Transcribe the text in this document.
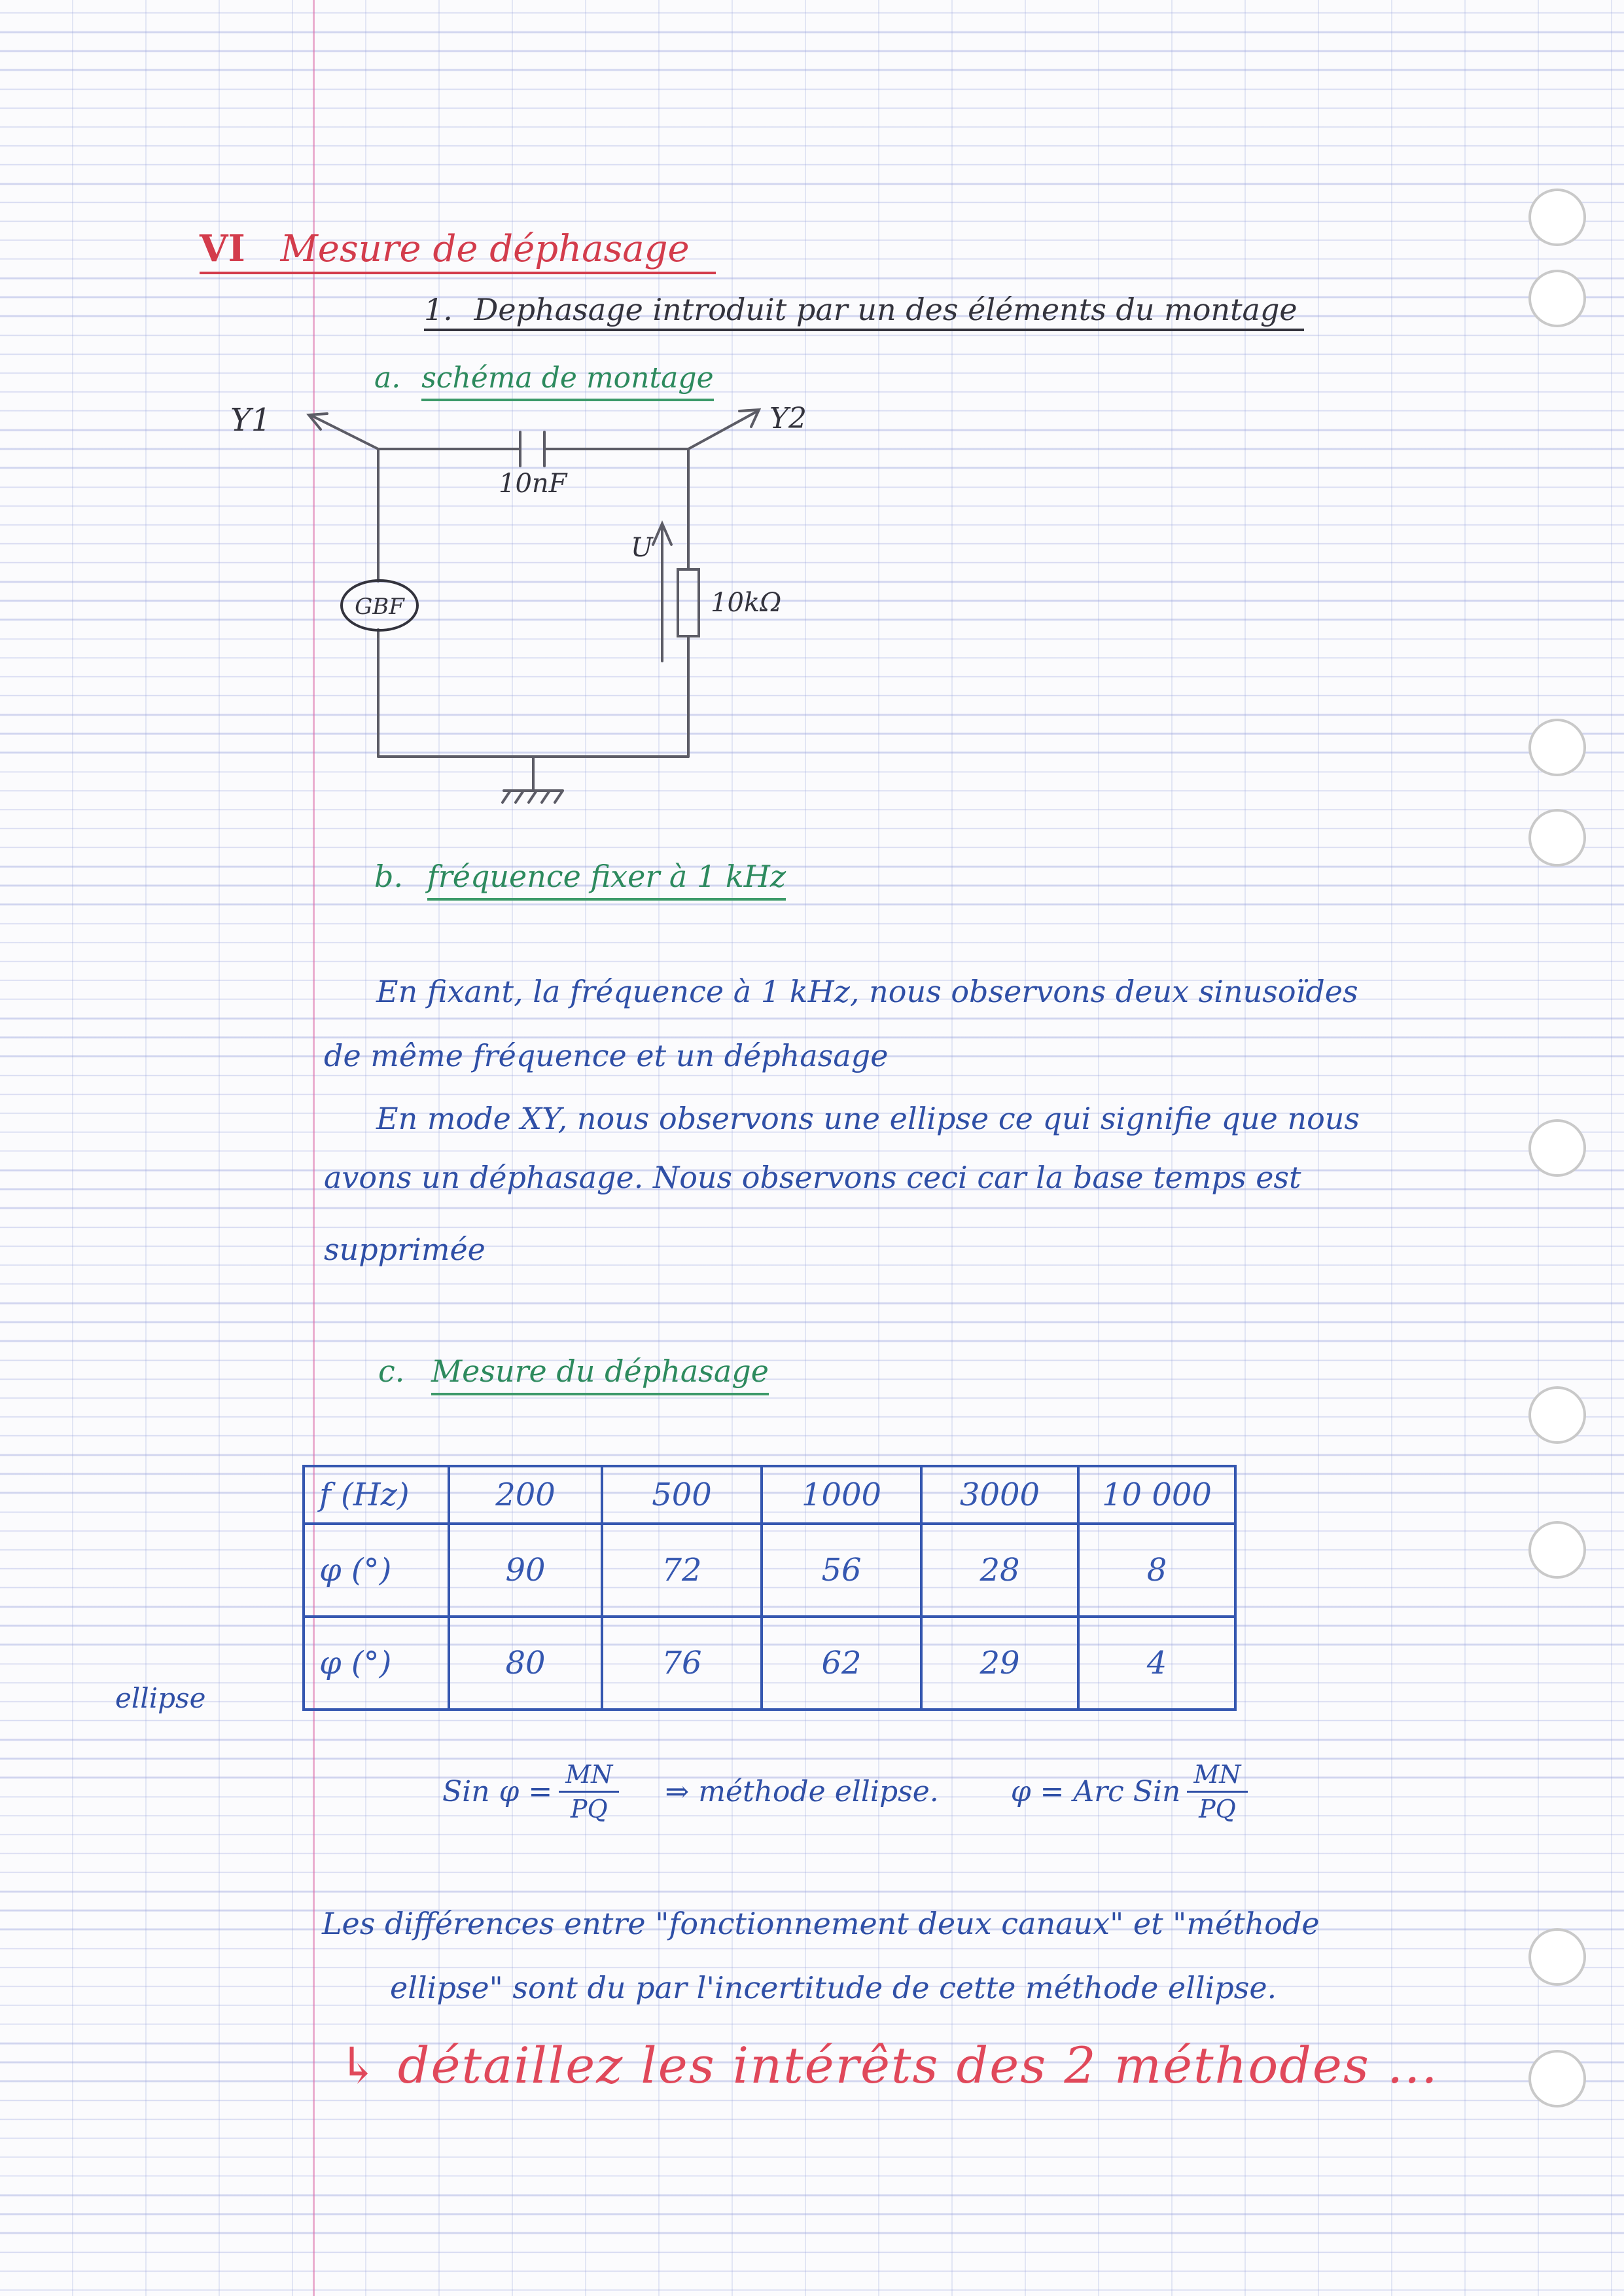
VI Mesure de déphasage
1. Dephasage introduit par un des éléments du montage
a. schéma de montage
Y1	Y2
10nF
GBF
U
10kΩ
b. fréquence fixer à 1 kHz
En fixant, la fréquence à 1 kHz, nous observons deux sinusoïdes
de même fréquence et un déphasage
En mode XY, nous observons une ellipse ce qui signifie que nous
avons un déphasage. Nous observons ceci car la base temps est
supprimée
c. Mesure du déphasage
ellipse
f (Hz)	200	500	1000	3000	10 000
φ (°)	90	72	56	28	8
φ (°)	80	76	62	29	4
Sin $\varphi = \frac{MN}{PQ}$ ⇒ méthode ellipse.	φ = Arc Sin $\frac{MN}{PQ}$
Les différences entre "fonctionnement deux canaux" et "méthode
ellipse" sont du par l'incertitude de cette méthode ellipse.
↳ détaillez les intérêts des 2 méthodes ...
